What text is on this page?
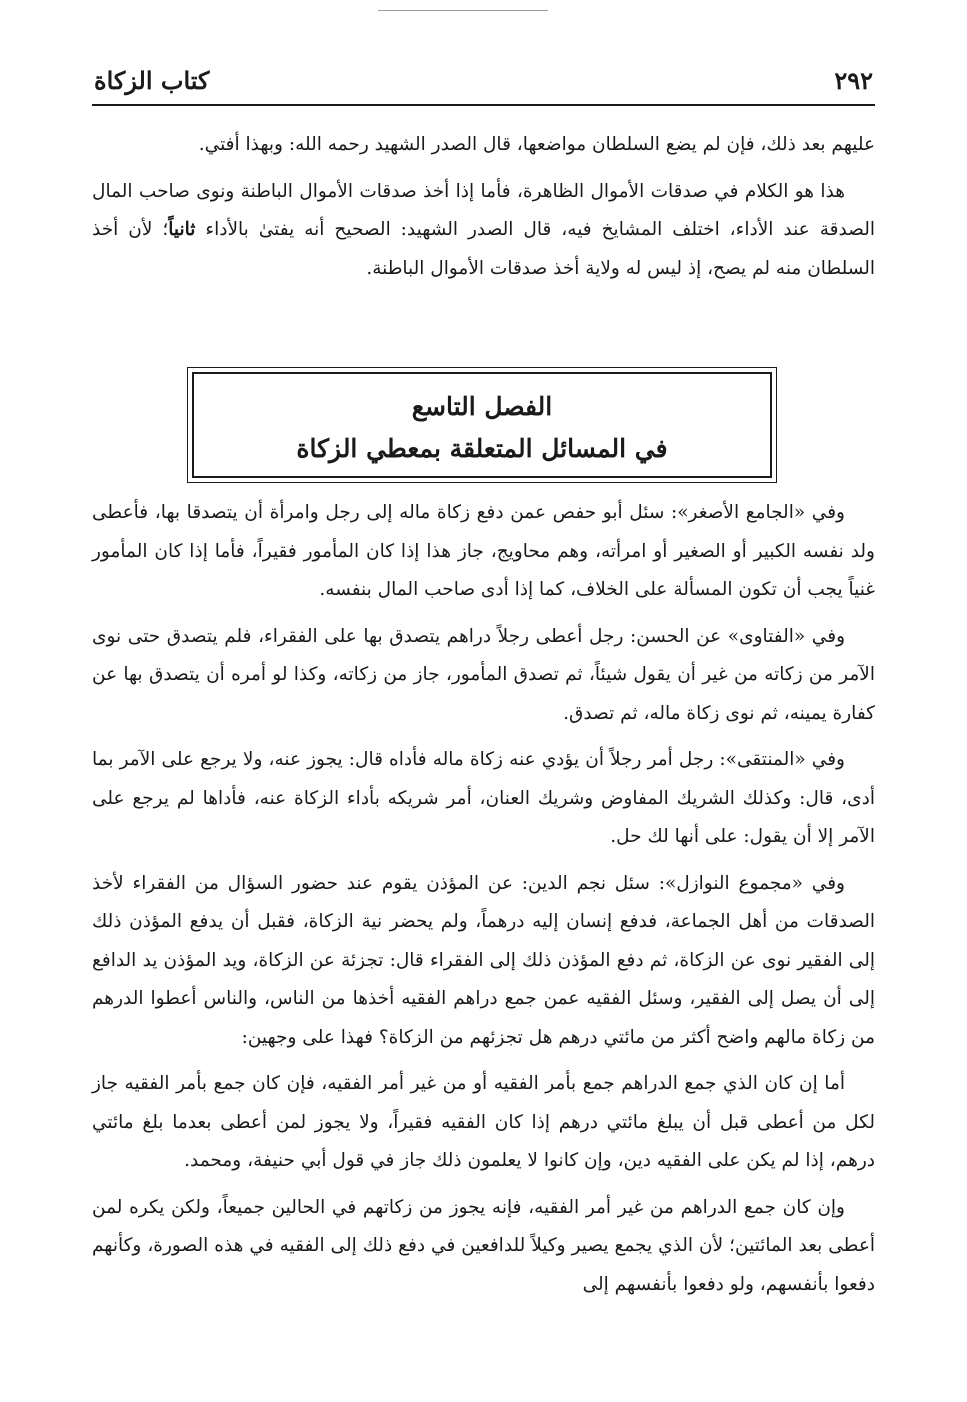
٢٩٢
كتاب الزكاة

عليهم بعد ذلك، فإن لم يضع السلطان مواضعها، قال الصدر الشهيد رحمه الله: وبهذا أفتي.

هذا هو الكلام في صدقات الأموال الظاهرة، فأما إذا أخذ صدقات الأموال الباطنة ونوى صاحب المال الصدقة عند الأداء، اختلف المشايخ فيه، قال الصدر الشهيد: الصحيح أنه يفتىٰ بالأداء ثانياً؛ لأن أخذ السلطان منه لم يصح، إذ ليس له ولاية أخذ صدقات الأموال الباطنة.

الفصل التاسع
في المسائل المتعلقة بمعطي الزكاة

وفي «الجامع الأصغر»: سئل أبو حفص عمن دفع زكاة ماله إلى رجل وامرأة أن يتصدقا بها، فأعطى ولد نفسه الكبير أو الصغير أو امرأته، وهم محاويج، جاز هذا إذا كان المأمور فقيراً، فأما إذا كان المأمور غنياً يجب أن تكون المسألة على الخلاف، كما إذا أدى صاحب المال بنفسه.

وفي «الفتاوى» عن الحسن: رجل أعطى رجلاً دراهم يتصدق بها على الفقراء، فلم يتصدق حتى نوى الآمر من زكاته من غير أن يقول شيئاً، ثم تصدق المأمور، جاز من زكاته، وكذا لو أمره أن يتصدق بها عن كفارة يمينه، ثم نوى زكاة ماله، ثم تصدق.

وفي «المنتقى»: رجل أمر رجلاً أن يؤدي عنه زكاة ماله فأداه قال: يجوز عنه، ولا يرجع على الآمر بما أدى، قال: وكذلك الشريك المفاوض وشريك العنان، أمر شريكه بأداء الزكاة عنه، فأداها لم يرجع على الآمر إلا أن يقول: على أنها لك حل.

وفي «مجموع النوازل»: سئل نجم الدين: عن المؤذن يقوم عند حضور السؤال من الفقراء لأخذ الصدقات من أهل الجماعة، فدفع إنسان إليه درهماً، ولم يحضر نية الزكاة، فقبل أن يدفع المؤذن ذلك إلى الفقير نوى عن الزكاة، ثم دفع المؤذن ذلك إلى الفقراء قال: تجزئة عن الزكاة، ويد المؤذن يد الدافع إلى أن يصل إلى الفقير، وسئل الفقيه عمن جمع دراهم الفقيه أخذها من الناس، والناس أعطوا الدرهم من زكاة مالهم واضح أكثر من مائتي درهم هل تجزئهم من الزكاة؟ فهذا على وجهين:

أما إن كان الذي جمع الدراهم جمع بأمر الفقيه أو من غير أمر الفقيه، فإن كان جمع بأمر الفقيه جاز لكل من أعطى قبل أن يبلغ مائتي درهم إذا كان الفقيه فقيراً، ولا يجوز لمن أعطى بعدما بلغ مائتي درهم، إذا لم يكن على الفقيه دين، وإن كانوا لا يعلمون ذلك جاز في قول أبي حنيفة، ومحمد.

وإن كان جمع الدراهم من غير أمر الفقيه، فإنه يجوز من زكاتهم في الحالين جميعاً، ولكن يكره لمن أعطى بعد المائتين؛ لأن الذي يجمع يصير وكيلاً للدافعين في دفع ذلك إلى الفقيه في هذه الصورة، وكأنهم دفعوا بأنفسهم، ولو دفعوا بأنفسهم إلى
